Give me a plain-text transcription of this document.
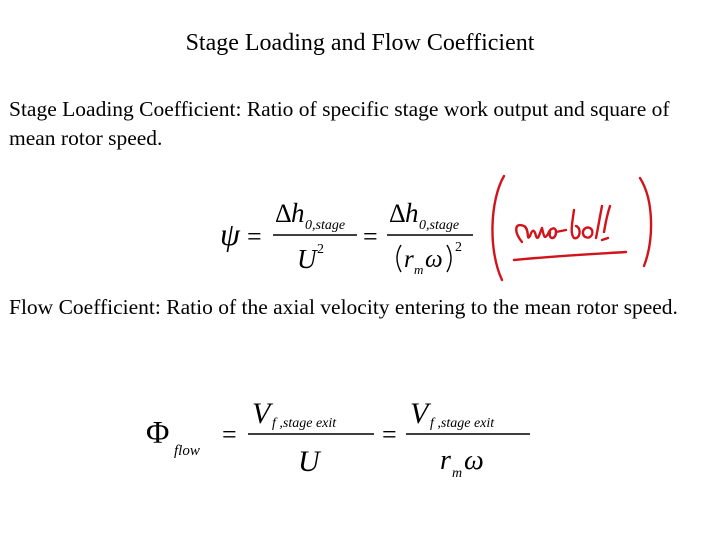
Stage Loading and Flow Coefficient
Stage Loading Coefficient: Ratio of specific stage work output and square of mean rotor speed.
ψ =
Δ h 0,stage
U 2 =
Δ h 0,stage
r m ω 2
Flow Coefficient: Ratio of the axial velocity entering to the mean rotor speed.
Φ
flow
=
V f ,stage exit
U
=
V f ,stage exit
r m ω
